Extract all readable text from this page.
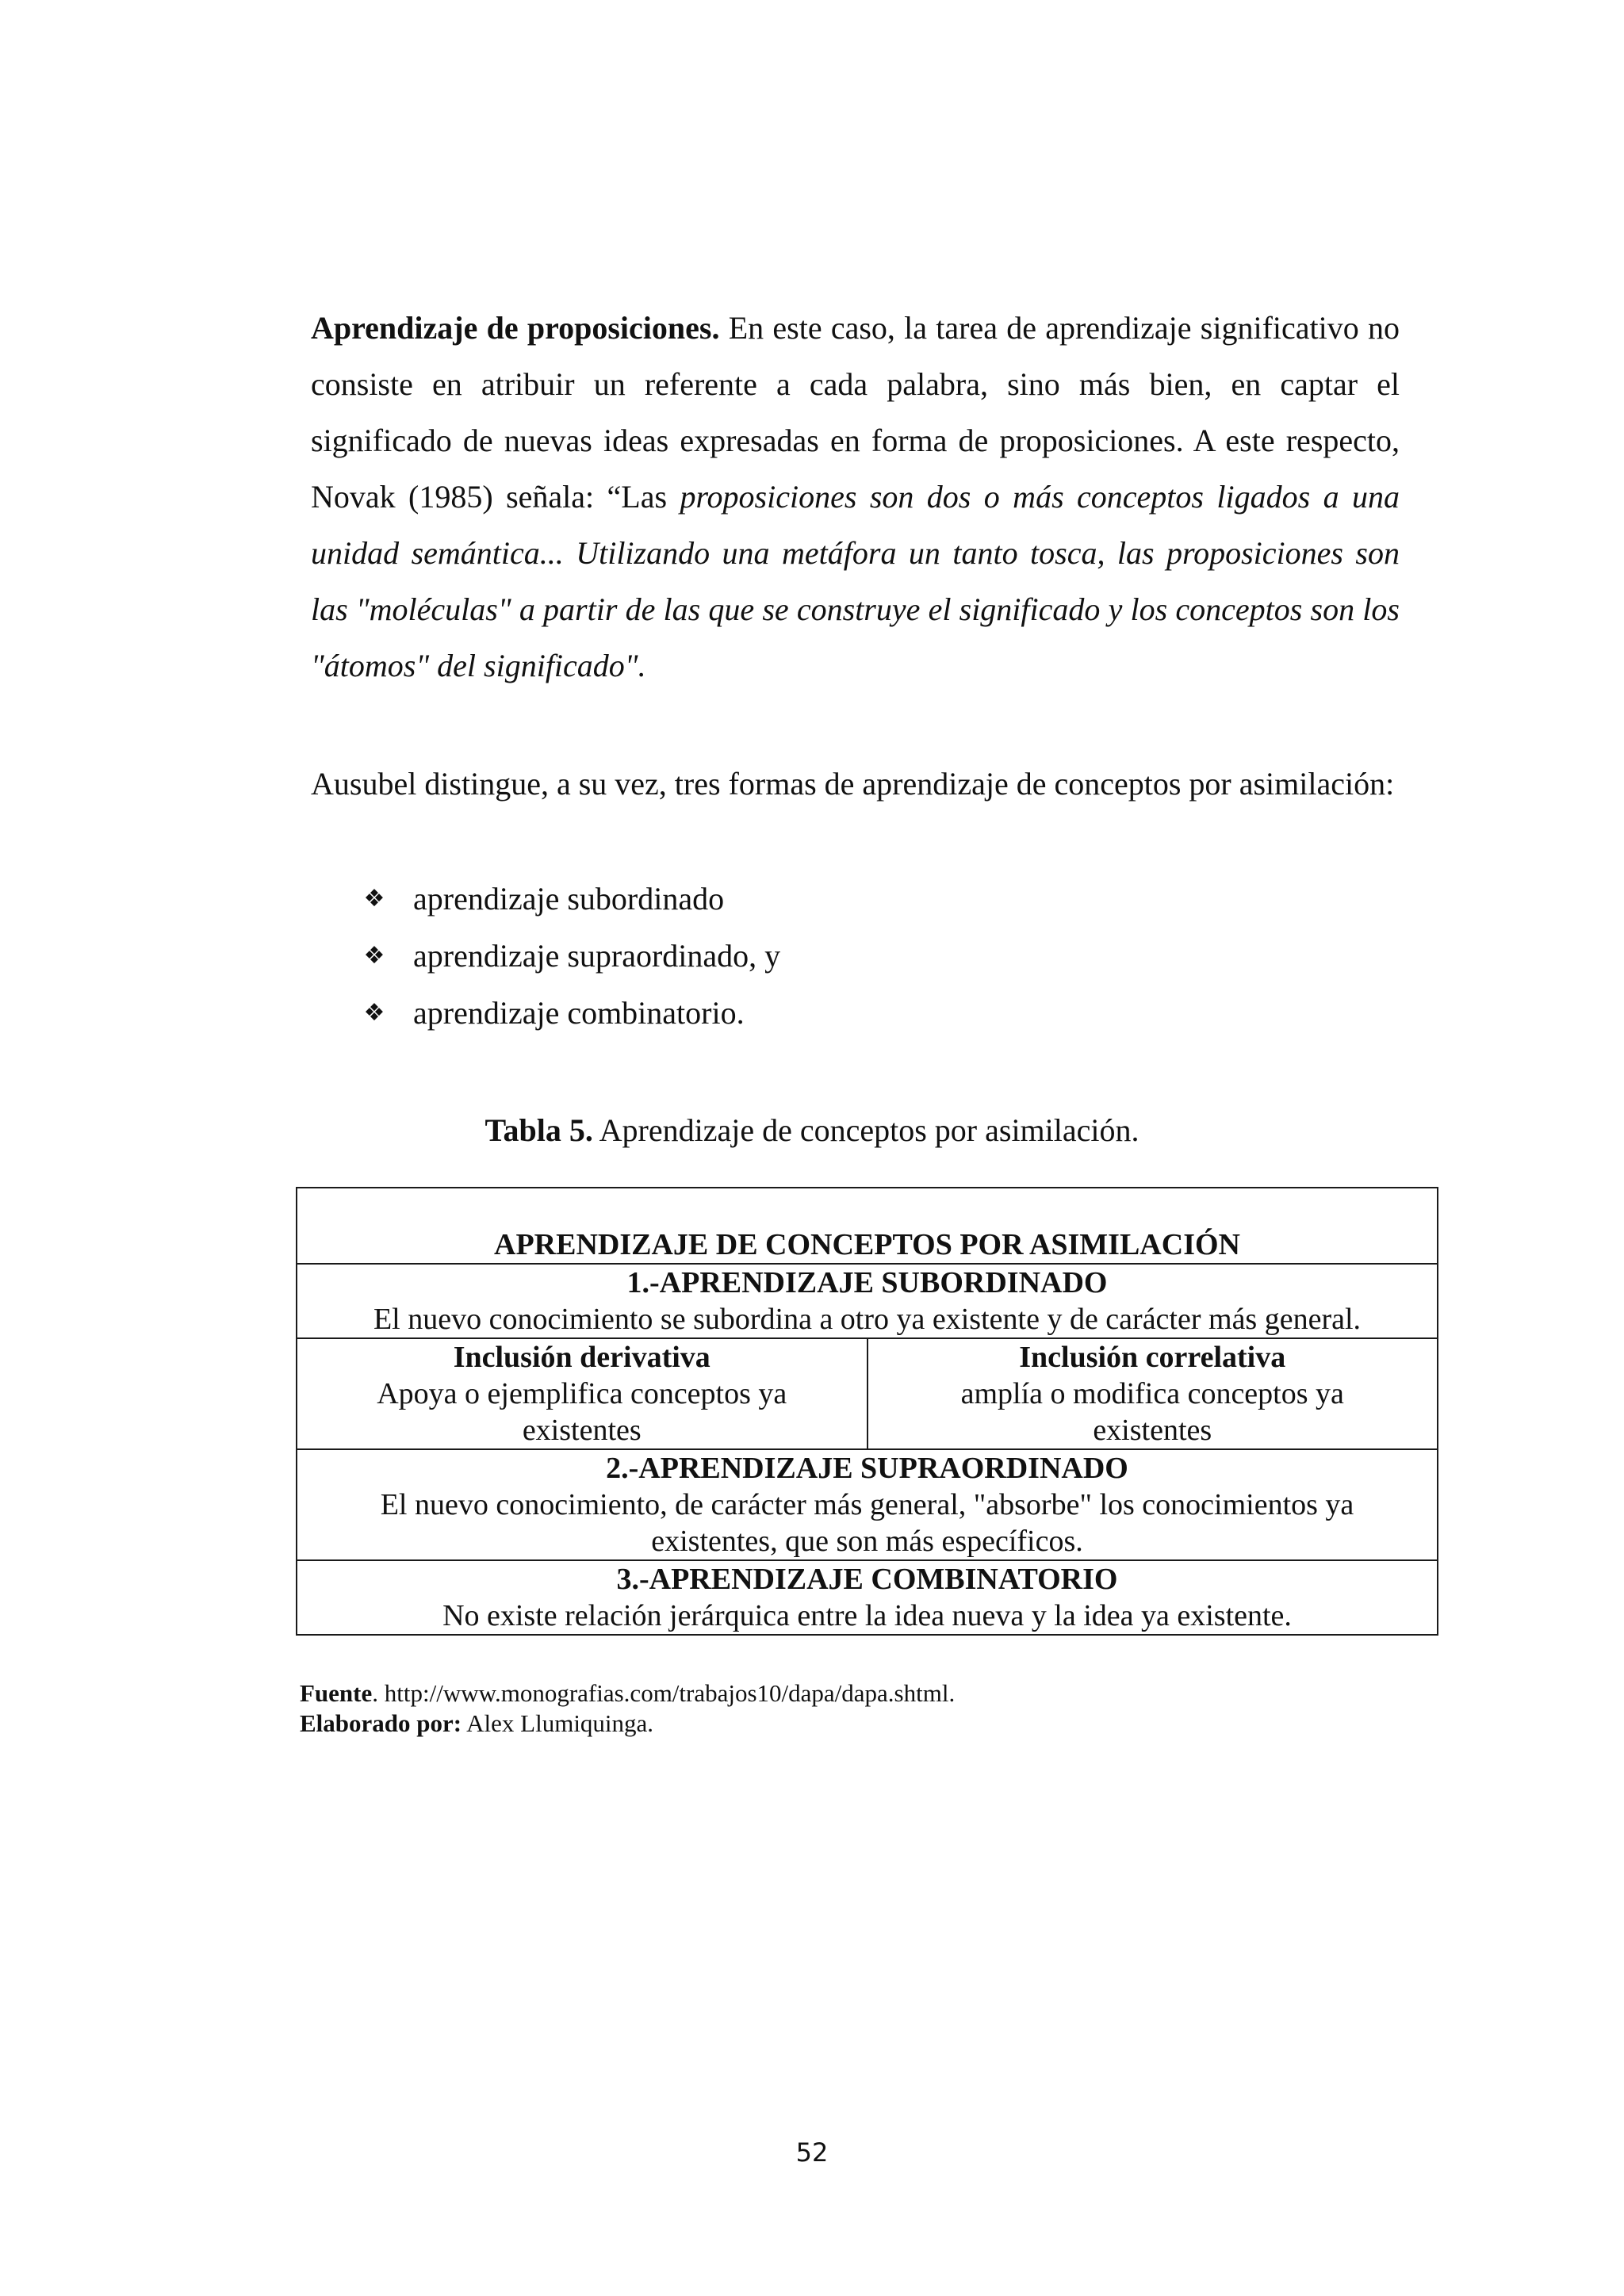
Aprendizaje de proposiciones. En este caso, la tarea de aprendizaje significativo no consiste en atribuir un referente a cada palabra, sino más bien, en captar el significado de nuevas ideas expresadas en forma de proposiciones. A este respecto, Novak (1985) señala: “Las proposiciones son dos o más conceptos ligados a una unidad semántica... Utilizando una metáfora un tanto tosca, las proposiciones son las "moléculas" a partir de las que se construye el significado y los conceptos son los "átomos" del significado".

Ausubel distingue, a su vez, tres formas de aprendizaje de conceptos por asimilación:

❖ aprendizaje subordinado
❖ aprendizaje supraordinado, y
❖ aprendizaje combinatorio.

Tabla 5. Aprendizaje de conceptos por asimilación.

APRENDIZAJE DE CONCEPTOS POR ASIMILACIÓN

1.-APRENDIZAJE SUBORDINADO
El nuevo conocimiento se subordina a otro ya existente y de carácter más general.

Inclusión derivativa
Apoya o ejemplifica conceptos ya existentes

Inclusión correlativa
amplía o modifica conceptos ya existentes

2.-APRENDIZAJE SUPRAORDINADO
El nuevo conocimiento, de carácter más general, "absorbe" los conocimientos ya existentes, que son más específicos.

3.-APRENDIZAJE COMBINATORIO
No existe relación jerárquica entre la idea nueva y la idea ya existente.
Fuente. http://www.monografias.com/trabajos10/dapa/dapa.shtml.
Elaborado por: Alex Llumiquinga.

52
